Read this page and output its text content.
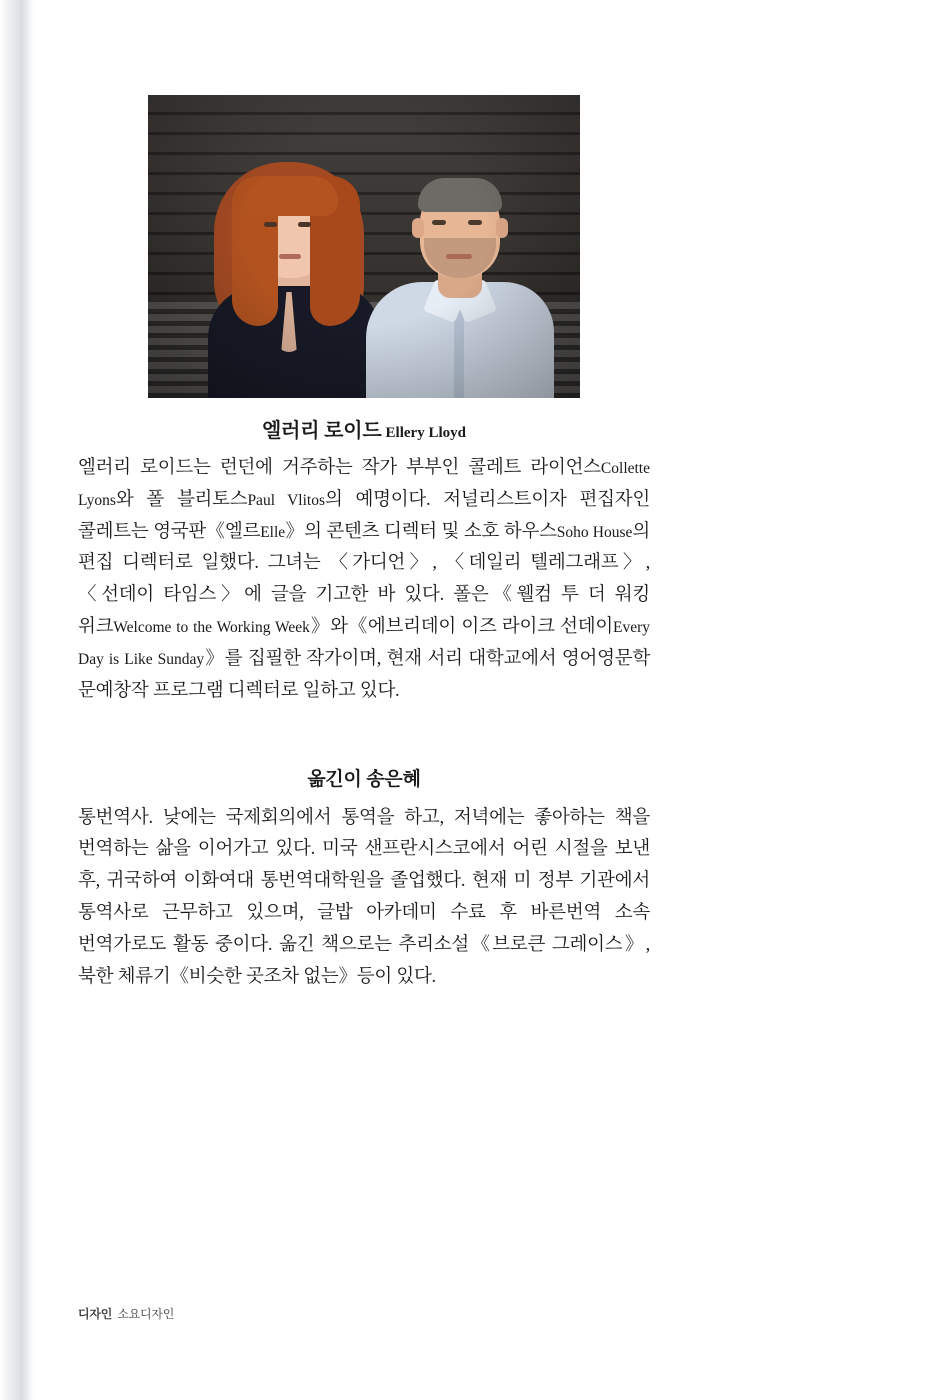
엘러리 로이드 Ellery Lloyd

엘러리 로이드는 런던에 거주하는 작가 부부인 콜레트 라이언스Collette Lyons와 폴 블리토스Paul Vlitos의 예명이다. 저널리스트이자 편집자인 콜레트는 영국판《엘르Elle》의 콘텐츠 디렉터 및 소호 하우스Soho House의 편집 디렉터로 일했다. 그녀는 〈가디언〉, 〈데일리 텔레그래프〉, 〈선데이 타임스〉에 글을 기고한 바 있다. 폴은《웰컴 투 더 워킹 위크Welcome to the Working Week》와《에브리데이 이즈 라이크 선데이Every Day is Like Sunday》를 집필한 작가이며, 현재 서리 대학교에서 영어영문학 문예창작 프로그램 디렉터로 일하고 있다.

옮긴이 송은혜

통번역사. 낮에는 국제회의에서 통역을 하고, 저녁에는 좋아하는 책을 번역하는 삶을 이어가고 있다. 미국 샌프란시스코에서 어린 시절을 보낸 후, 귀국하여 이화여대 통번역대학원을 졸업했다. 현재 미 정부 기관에서 통역사로 근무하고 있으며, 글밥 아카데미 수료 후 바른번역 소속 번역가로도 활동 중이다. 옮긴 책으로는 추리소설《브로큰 그레이스》, 북한 체류기《비슷한 곳조차 없는》등이 있다.

디자인 소요디자인
